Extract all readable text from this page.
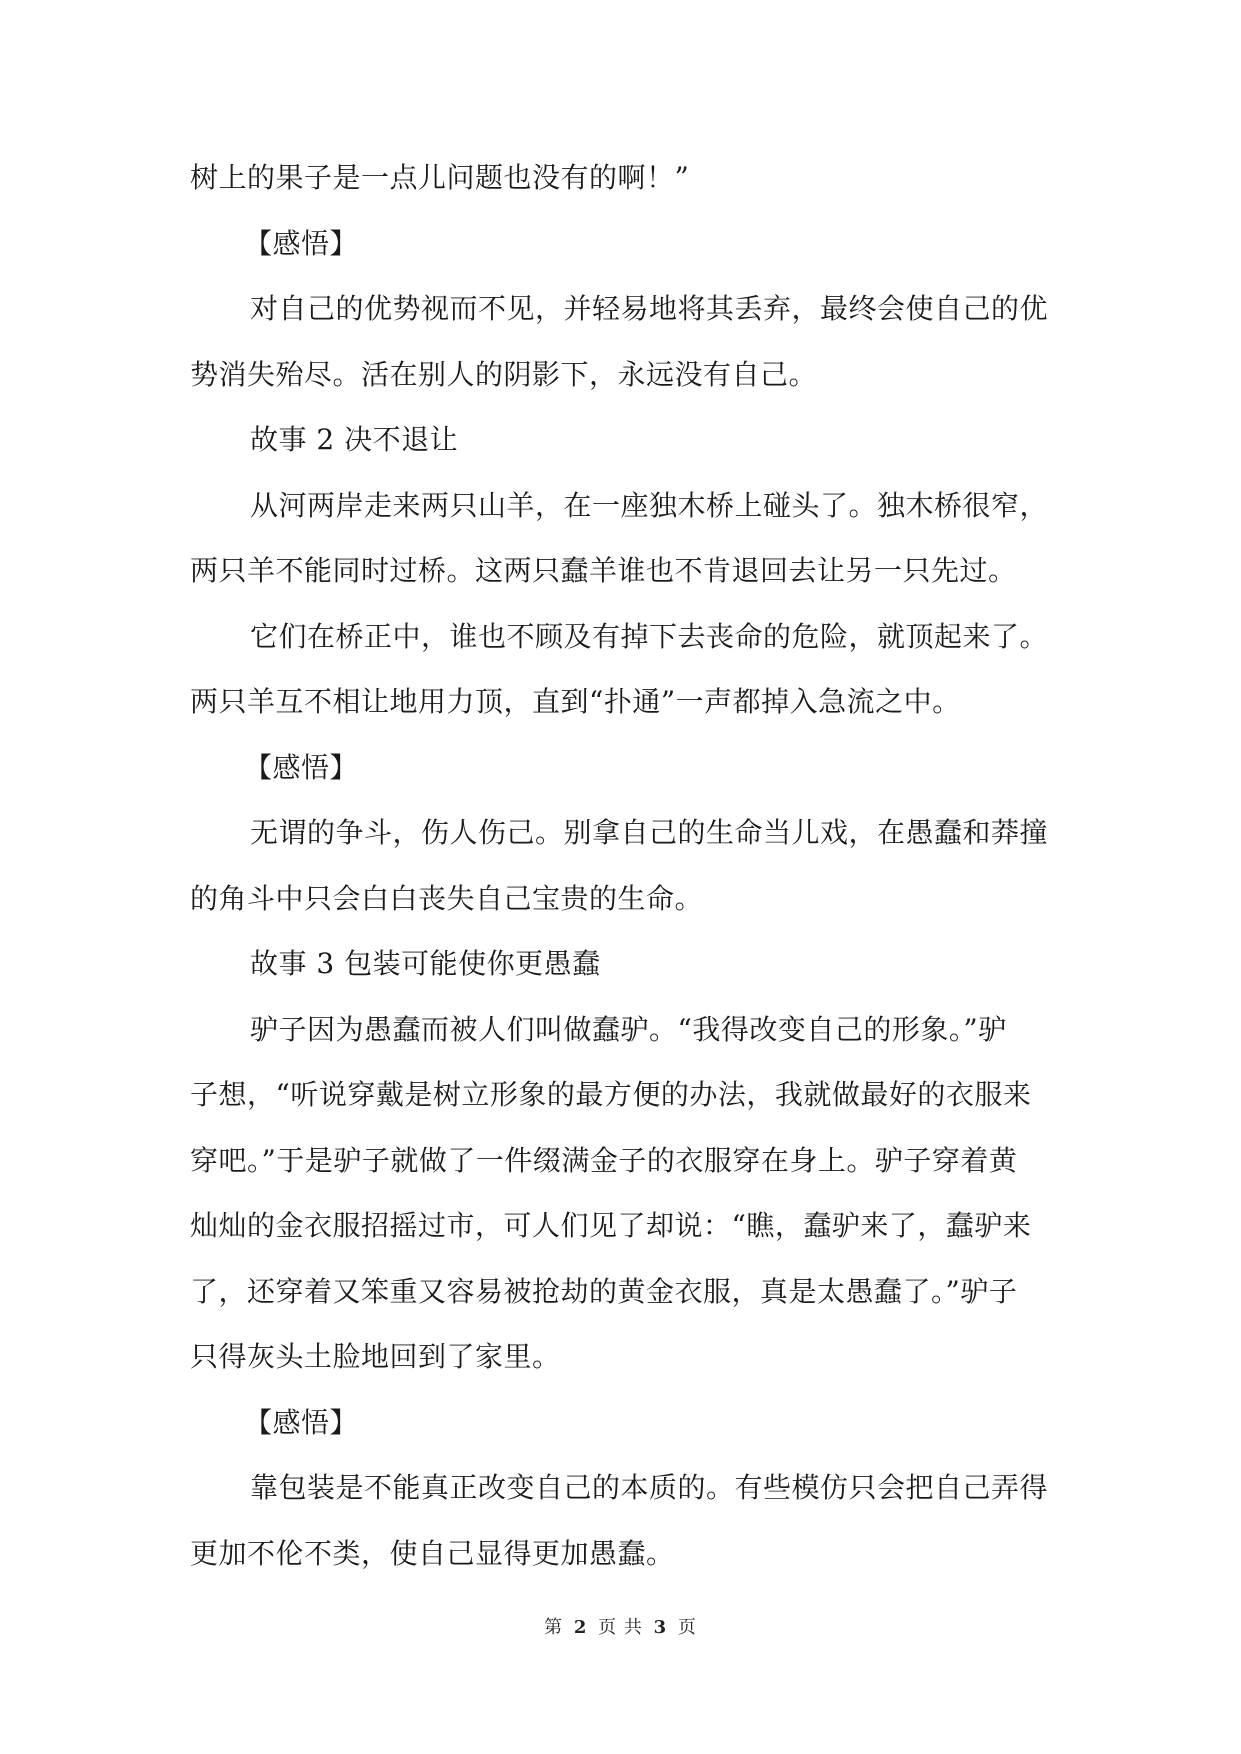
树上的果子是一点儿问题也没有的啊！”
【感悟】
对自己的优势视而不见，并轻易地将其丢弃，最终会使自己的优
势消失殆尽。活在别人的阴影下，永远没有自己。
故事 2 决不退让
从河两岸走来两只山羊，在一座独木桥上碰头了。独木桥很窄，
两只羊不能同时过桥。这两只蠢羊谁也不肯退回去让另一只先过。
它们在桥正中，谁也不顾及有掉下去丧命的危险，就顶起来了。
两只羊互不相让地用力顶，直到“扑通”一声都掉入急流之中。
【感悟】
无谓的争斗，伤人伤己。别拿自己的生命当儿戏，在愚蠢和莽撞
的角斗中只会白白丧失自己宝贵的生命。
故事 3 包装可能使你更愚蠢
驴子因为愚蠢而被人们叫做蠢驴。“我得改变自己的形象。”驴
子想，“听说穿戴是树立形象的最方便的办法，我就做最好的衣服来
穿吧。”于是驴子就做了一件缀满金子的衣服穿在身上。驴子穿着黄
灿灿的金衣服招摇过市，可人们见了却说：“瞧，蠢驴来了，蠢驴来
了，还穿着又笨重又容易被抢劫的黄金衣服，真是太愚蠢了。”驴子
只得灰头土脸地回到了家里。
【感悟】
靠包装是不能真正改变自己的本质的。有些模仿只会把自己弄得
更加不伦不类，使自己显得更加愚蠢。
第 2 页 共 3 页
